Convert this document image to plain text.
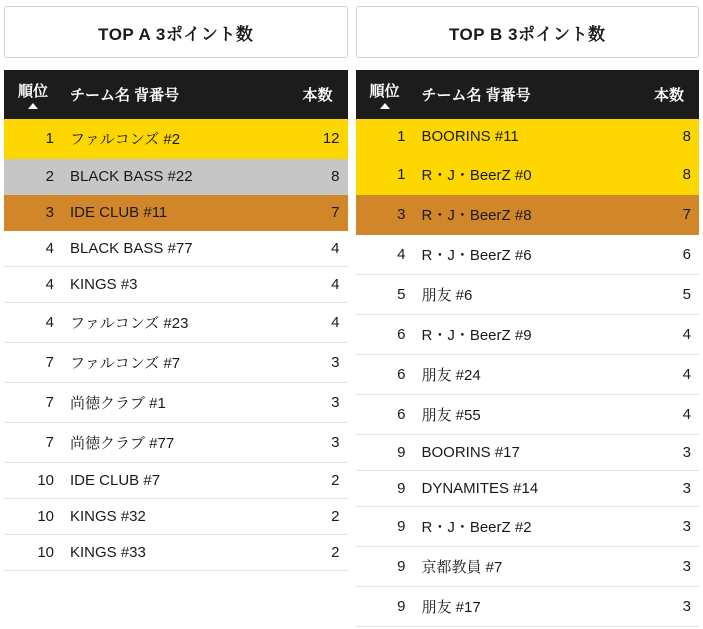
TOP A 3ポイント数
順位	チーム名 背番号	本数
1	ファルコンズ #2	12
2	BLACK BASS #22	8
3	IDE CLUB #11	7
4	BLACK BASS #77	4
4	KINGS #3	4
4	ファルコンズ #23	4
7	ファルコンズ #7	3
7	尚徳クラブ #1	3
7	尚徳クラブ #77	3
10	IDE CLUB #7	2
10	KINGS #32	2
10	KINGS #33	2
TOP B 3ポイント数
順位	チーム名 背番号	本数
1	BOORINS #11	8
1	R・J・BeerZ #0	8
3	R・J・BeerZ #8	7
4	R・J・BeerZ #6	6
5	朋友 #6	5
6	R・J・BeerZ #9	4
6	朋友 #24	4
6	朋友 #55	4
9	BOORINS #17	3
9	DYNAMITES #14	3
9	R・J・BeerZ #2	3
9	京都教員 #7	3
9	朋友 #17	3
